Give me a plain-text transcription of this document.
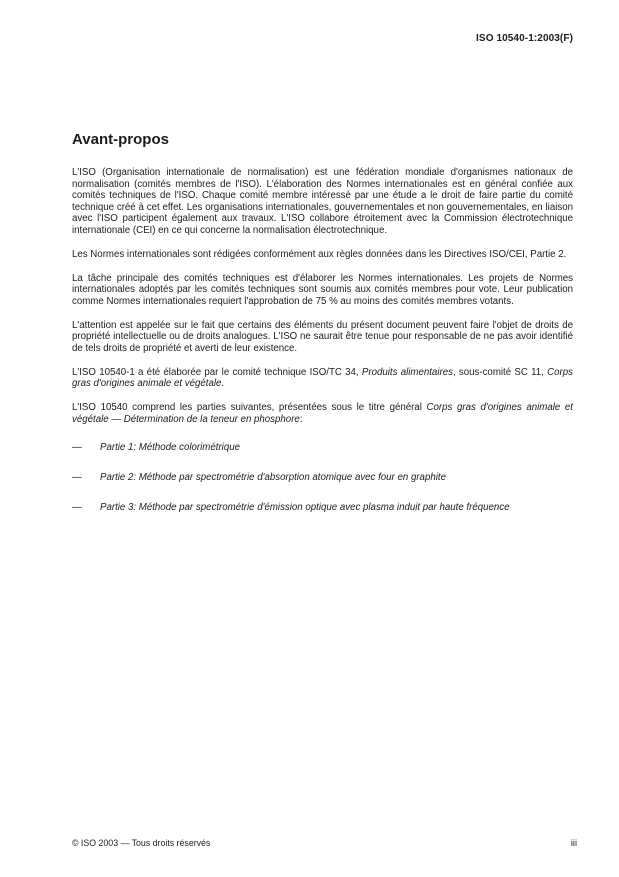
ISO 10540-1:2003(F)
Avant-propos

L'ISO (Organisation internationale de normalisation) est une fédération mondiale d'organismes nationaux de normalisation (comités membres de l'ISO). L'élaboration des Normes internationales est en général confiée aux comités techniques de l'ISO. Chaque comité membre intéressé par une étude a le droit de faire partie du comité technique créé à cet effet. Les organisations internationales, gouvernementales et non gouvernementales, en liaison avec l'ISO participent également aux travaux. L'ISO collabore étroitement avec la Commission électrotechnique internationale (CEI) en ce qui concerne la normalisation électrotechnique.

Les Normes internationales sont rédigées conformément aux règles données dans les Directives ISO/CEI, Partie 2.

La tâche principale des comités techniques est d'élaborer les Normes internationales. Les projets de Normes internationales adoptés par les comités techniques sont soumis aux comités membres pour vote. Leur publication comme Normes internationales requiert l'approbation de 75 % au moins des comités membres votants.

L'attention est appelée sur le fait que certains des éléments du présent document peuvent faire l'objet de droits de propriété intellectuelle ou de droits analogues. L'ISO ne saurait être tenue pour responsable de ne pas avoir identifié de tels droits de propriété et averti de leur existence.

L'ISO 10540-1 a été élaborée par le comité technique ISO/TC 34, Produits alimentaires, sous-comité SC 11, Corps gras d'origines animale et végétale.

L'ISO 10540 comprend les parties suivantes, présentées sous le titre général Corps gras d'origines animale et végétale — Détermination de la teneur en phosphore:

—	Partie 1: Méthode colorimétrique
—	Partie 2: Méthode par spectrométrie d'absorption atomique avec four en graphite
—	Partie 3: Méthode par spectrométrie d'émission optique avec plasma induit par haute fréquence
© ISO 2003 — Tous droits réservés	iii
